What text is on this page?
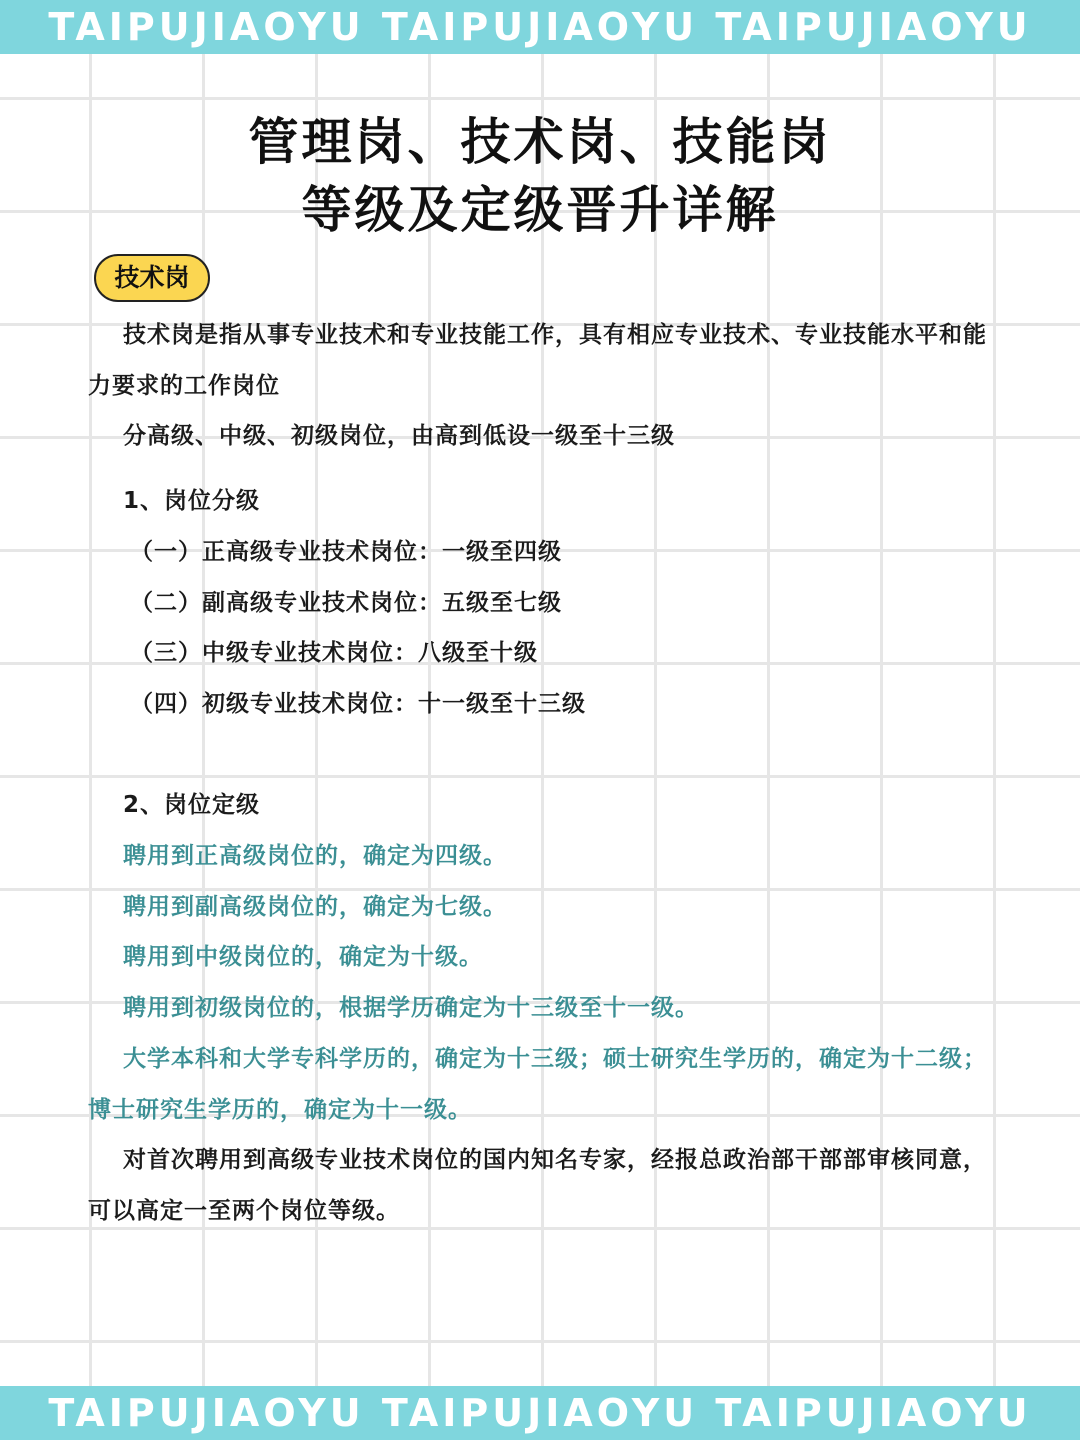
TAIPUJIAOYU TAIPUJIAOYU TAIPUJIAOYU
管理岗、技术岗、技能岗
等级及定级晋升详解
技术岗

技术岗是指从事专业技术和专业技能工作，具有相应专业技术、专业技能水平和能力要求的工作岗位

分高级、中级、初级岗位，由高到低设一级至十三级

1、岗位分级

（一）正高级专业技术岗位：一级至四级

（二）副高级专业技术岗位：五级至七级

（三）中级专业技术岗位：八级至十级

（四）初级专业技术岗位：十一级至十三级

2、岗位定级

聘用到正高级岗位的，确定为四级。

聘用到副高级岗位的，确定为七级。

聘用到中级岗位的，确定为十级。

聘用到初级岗位的，根据学历确定为十三级至十一级。

大学本科和大学专科学历的，确定为十三级；硕士研究生学历的，确定为十二级；博士研究生学历的，确定为十一级。

对首次聘用到高级专业技术岗位的国内知名专家，经报总政治部干部部审核同意，可以高定一至两个岗位等级。

TAIPUJIAOYU TAIPUJIAOYU TAIPUJIAOYU
